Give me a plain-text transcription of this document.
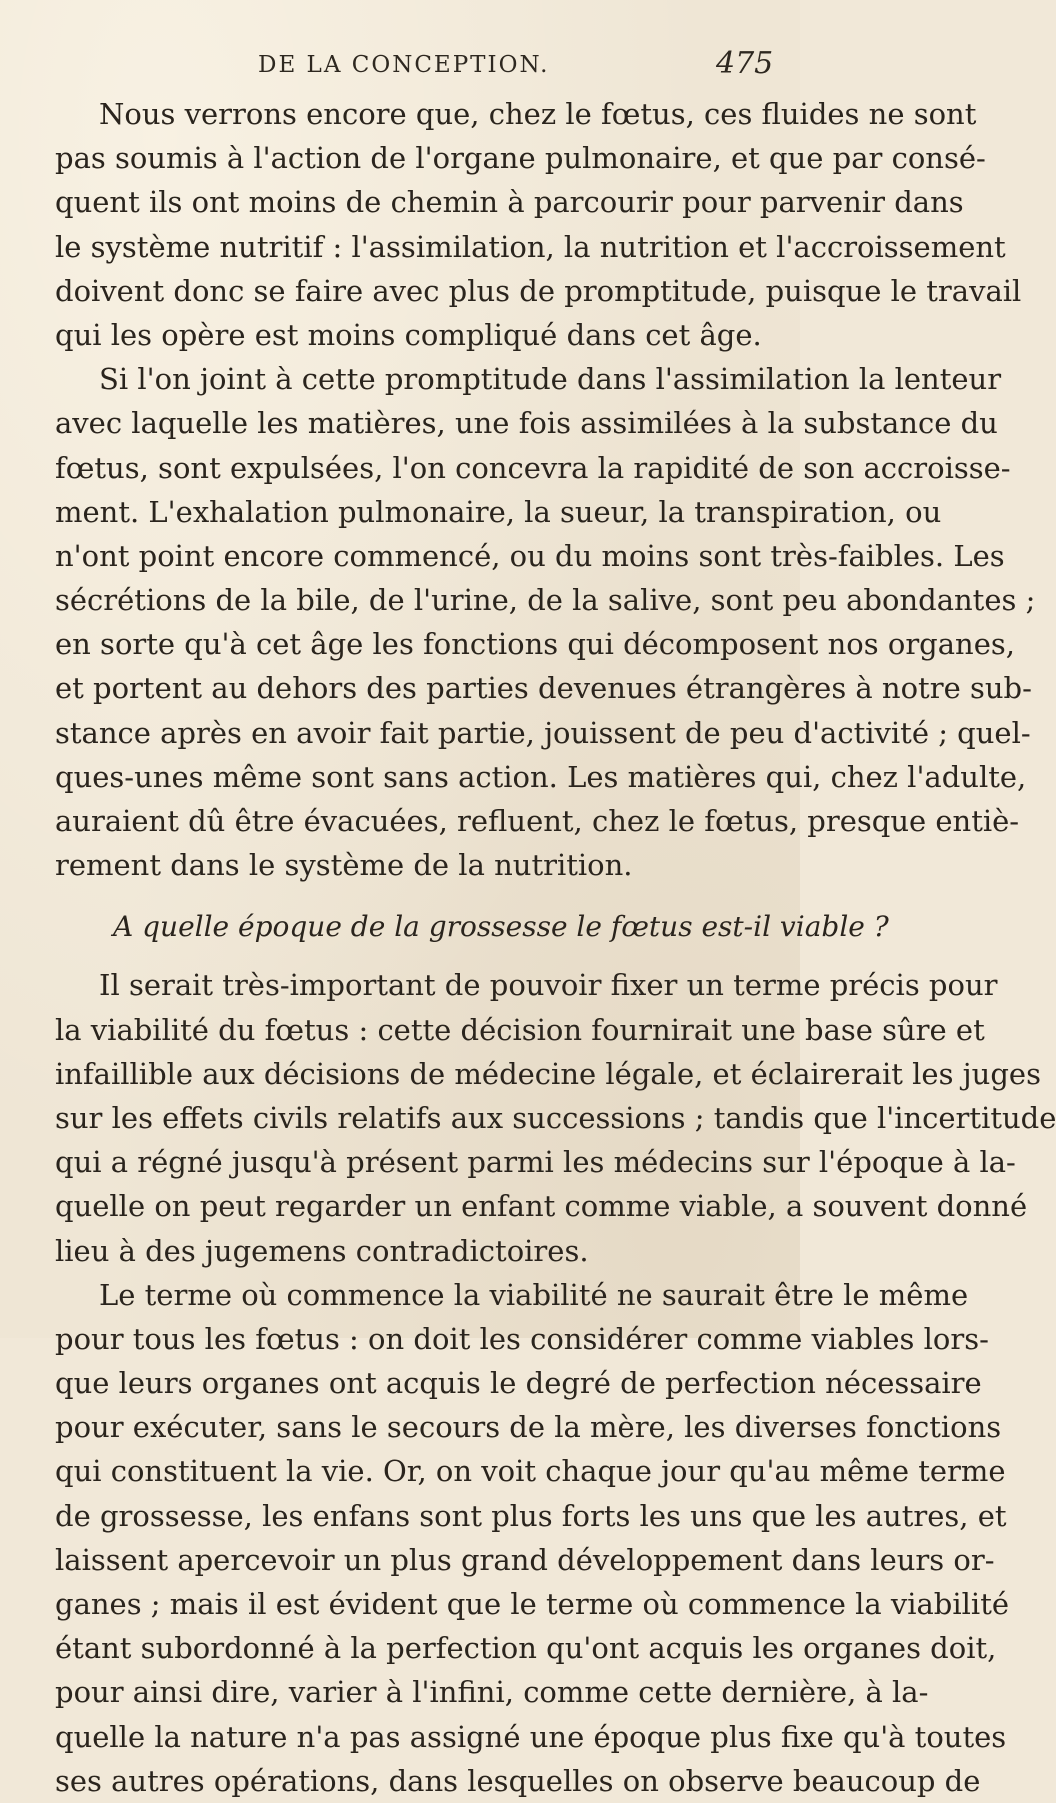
DE LA CONCEPTION.	475
Nous verrons encore que, chez le fœtus, ces fluides ne sont
pas soumis à l'action de l'organe pulmonaire, et que par consé-
quent ils ont moins de chemin à parcourir pour parvenir dans
le système nutritif : l'assimilation, la nutrition et l'accroissement
doivent donc se faire avec plus de promptitude, puisque le travail
qui les opère est moins compliqué dans cet âge.
Si l'on joint à cette promptitude dans l'assimilation la lenteur
avec laquelle les matières, une fois assimilées à la substance du
fœtus, sont expulsées, l'on concevra la rapidité de son accroisse-
ment. L'exhalation pulmonaire, la sueur, la transpiration, ou
n'ont point encore commencé, ou du moins sont très-faibles. Les
sécrétions de la bile, de l'urine, de la salive, sont peu abondantes ;
en sorte qu'à cet âge les fonctions qui décomposent nos organes,
et portent au dehors des parties devenues étrangères à notre sub-
stance après en avoir fait partie, jouissent de peu d'activité ; quel-
ques-unes même sont sans action. Les matières qui, chez l'adulte,
auraient dû être évacuées, refluent, chez le fœtus, presque entiè-
rement dans le système de la nutrition.
A quelle époque de la grossesse le fœtus est-il viable ?
Il serait très-important de pouvoir fixer un terme précis pour
la viabilité du fœtus : cette décision fournirait une base sûre et
infaillible aux décisions de médecine légale, et éclairerait les juges
sur les effets civils relatifs aux successions ; tandis que l'incertitude
qui a régné jusqu'à présent parmi les médecins sur l'époque à la-
quelle on peut regarder un enfant comme viable, a souvent donné
lieu à des jugemens contradictoires.
Le terme où commence la viabilité ne saurait être le même
pour tous les fœtus : on doit les considérer comme viables lors-
que leurs organes ont acquis le degré de perfection nécessaire
pour exécuter, sans le secours de la mère, les diverses fonctions
qui constituent la vie. Or, on voit chaque jour qu'au même terme
de grossesse, les enfans sont plus forts les uns que les autres, et
laissent apercevoir un plus grand développement dans leurs or-
ganes ; mais il est évident que le terme où commence la viabilité
étant subordonné à la perfection qu'ont acquis les organes doit,
pour ainsi dire, varier à l'infini, comme cette dernière, à la-
quelle la nature n'a pas assigné une époque plus fixe qu'à toutes
ses autres opérations, dans lesquelles on observe beaucoup de
